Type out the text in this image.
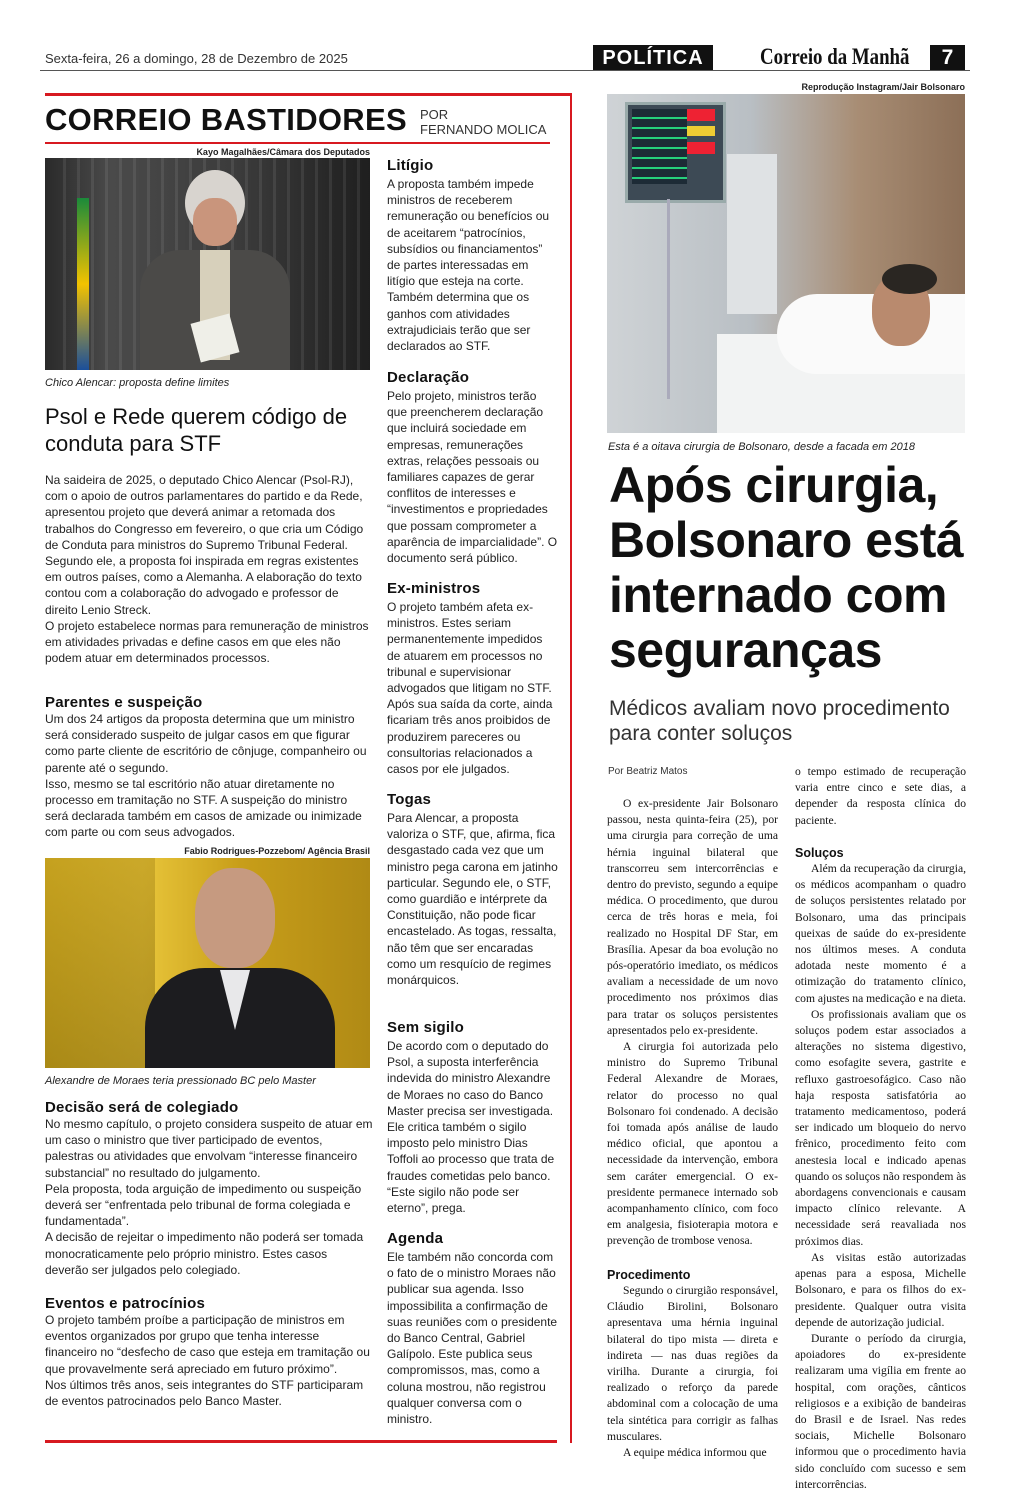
Sexta-feira, 26 a domingo, 28 de Dezembro de 2025	POLÍTICA	Correio da Manhã	7
CORREIO BASTIDORES POR
FERNANDO MOLICA
Kayo Magalhães/Câmara dos Deputados
Chico Alencar: proposta define limites
Psol e Rede querem código de conduta para STF

Na saideira de 2025, o deputado Chico Alencar (Psol-RJ), com o apoio de outros parlamentares do partido e da Rede, apresentou projeto que deverá animar a retomada dos trabalhos do Congresso em fevereiro, o que cria um Código de Conduta para ministros do Supremo Tribunal Federal.

Segundo ele, a proposta foi inspirada em regras existentes em outros países, como a Alemanha. A elaboração do texto contou com a colaboração do advogado e professor de direito Lenio Streck.

O projeto estabelece normas para remuneração de ministros em atividades privadas e define casos em que eles não podem atuar em determinados processos.

Parentes e suspeição

Um dos 24 artigos da proposta determina que um ministro será considerado suspeito de julgar casos em que figurar como parte cliente de escritório de cônjuge, companheiro ou parente até o segundo.

Isso, mesmo se tal escritório não atuar diretamente no processo em tramitação no STF. A suspeição do ministro será declarada também em casos de amizade ou inimizade com parte ou com seus advogados.

Fabio Rodrigues-Pozzebom/ Agência Brasil
Alexandre de Moraes teria pressionado BC pelo Master
Decisão será de colegiado

No mesmo capítulo, o projeto considera suspeito de atuar em um caso o ministro que tiver participado de eventos, palestras ou atividades que envolvam “interesse financeiro substancial” no resultado do julgamento.

Pela proposta, toda arguição de impedimento ou suspeição deverá ser “enfrentada pelo tribunal de forma colegiada e fundamentada”.

A decisão de rejeitar o impedimento não poderá ser tomada monocraticamente pelo próprio ministro. Estes casos deverão ser julgados pelo colegiado.

Eventos e patrocínios

O projeto também proíbe a participação de ministros em eventos organizados por grupo que tenha interesse financeiro no “desfecho de caso que esteja em tramitação ou que provavelmente será apreciado em futuro próximo”.

Nos últimos três anos, seis integrantes do STF participaram de eventos patrocinados pelo Banco Master.

Litígio
A proposta também impede ministros de receberem remuneração ou benefícios ou de aceitarem “patrocínios, subsídios ou financiamentos” de partes interessadas em litígio que esteja na corte. Também determina que os ganhos com atividades extrajudiciais terão que ser declarados ao STF.
Declaração
Pelo projeto, ministros terão que preencherem declaração que incluirá sociedade em empresas, remunerações extras, relações pessoais ou familiares capazes de gerar conflitos de interesses e “investimentos e propriedades que possam comprometer a aparência de imparcialidade”. O documento será público.
Ex-ministros
O projeto também afeta ex-ministros. Estes seriam permanentemente impedidos de atuarem em processos no tribunal e supervisionar advogados que litigam no STF. Após sua saída da corte, ainda ficariam três anos proibidos de produzirem pareceres ou consultorias relacionados a casos por ele julgados.
Togas
Para Alencar, a proposta valoriza o STF, que, afirma, fica desgastado cada vez que um ministro pega carona em jatinho particular. Segundo ele, o STF, como guardião e intérprete da Constituição, não pode ficar encastelado. As togas, ressalta, não têm que ser encaradas como um resquício de regimes monárquicos.
Sem sigilo
De acordo com o deputado do Psol, a suposta interferência indevida do ministro Alexandre de Moraes no caso do Banco Master precisa ser investigada. Ele critica também o sigilo imposto pelo ministro Dias Toffoli ao processo que trata de fraudes cometidas pelo banco. “Este sigilo não pode ser eterno”, prega.
Agenda
Ele também não concorda com o fato de o ministro Moraes não publicar sua agenda. Isso impossibilita a confirmação de suas reuniões com o presidente do Banco Central, Gabriel Galípolo. Este publica seus compromissos, mas, como a coluna mostrou, não registrou qualquer conversa com o ministro.
Reprodução Instagram/Jair Bolsonaro
Esta é a oitava cirurgia de Bolsonaro, desde a facada em 2018
Após cirurgia, Bolsonaro está internado com seguranças
Médicos avaliam novo procedimento para conter soluços
Por Beatriz Matos

O ex-presidente Jair Bolsonaro passou, nesta quinta-feira (25), por uma cirurgia para correção de uma hérnia inguinal bilateral que transcorreu sem intercorrências e dentro do previsto, segundo a equipe médica. O procedimento, que durou cerca de três horas e meia, foi realizado no Hospital DF Star, em Brasília. Apesar da boa evolução no pós-operatório imediato, os médicos avaliam a necessidade de um novo procedimento nos próximos dias para tratar os soluços persistentes apresentados pelo ex-presidente.

A cirurgia foi autorizada pelo ministro do Supremo Tribunal Federal Alexandre de Moraes, relator do processo no qual Bolsonaro foi condenado. A decisão foi tomada após análise de laudo médico oficial, que apontou a necessidade da intervenção, embora sem caráter emergencial. O ex-presidente permanece internado sob acompanhamento clínico, com foco em analgesia, fisioterapia motora e prevenção de trombose venosa.

Procedimento

Segundo o cirurgião responsável, Cláudio Birolini, Bolsonaro apresentava uma hérnia inguinal bilateral do tipo mista — direta e indireta — nas duas regiões da virilha. Durante a cirurgia, foi realizado o reforço da parede abdominal com a colocação de uma tela sintética para corrigir as falhas musculares.

A equipe médica informou que

o tempo estimado de recuperação varia entre cinco e sete dias, a depender da resposta clínica do paciente.

Soluços

Além da recuperação da cirurgia, os médicos acompanham o quadro de soluços persistentes relatado por Bolsonaro, uma das principais queixas de saúde do ex-presidente nos últimos meses. A conduta adotada neste momento é a otimização do tratamento clínico, com ajustes na medicação e na dieta.

Os profissionais avaliam que os soluços podem estar associados a alterações no sistema digestivo, como esofagite severa, gastrite e refluxo gastroesofágico. Caso não haja resposta satisfatória ao tratamento medicamentoso, poderá ser indicado um bloqueio do nervo frênico, procedimento feito com anestesia local e indicado apenas quando os soluços não respondem às abordagens convencionais e causam impacto clínico relevante. A necessidade será reavaliada nos próximos dias.

As visitas estão autorizadas apenas para a esposa, Michelle Bolsonaro, e para os filhos do ex-presidente. Qualquer outra visita depende de autorização judicial.

Durante o período da cirurgia, apoiadores do ex-presidente realizaram uma vigília em frente ao hospital, com orações, cânticos religiosos e a exibição de bandeiras do Brasil e de Israel. Nas redes sociais, Michelle Bolsonaro informou que o procedimento havia sido concluído com sucesso e sem intercorrências.
